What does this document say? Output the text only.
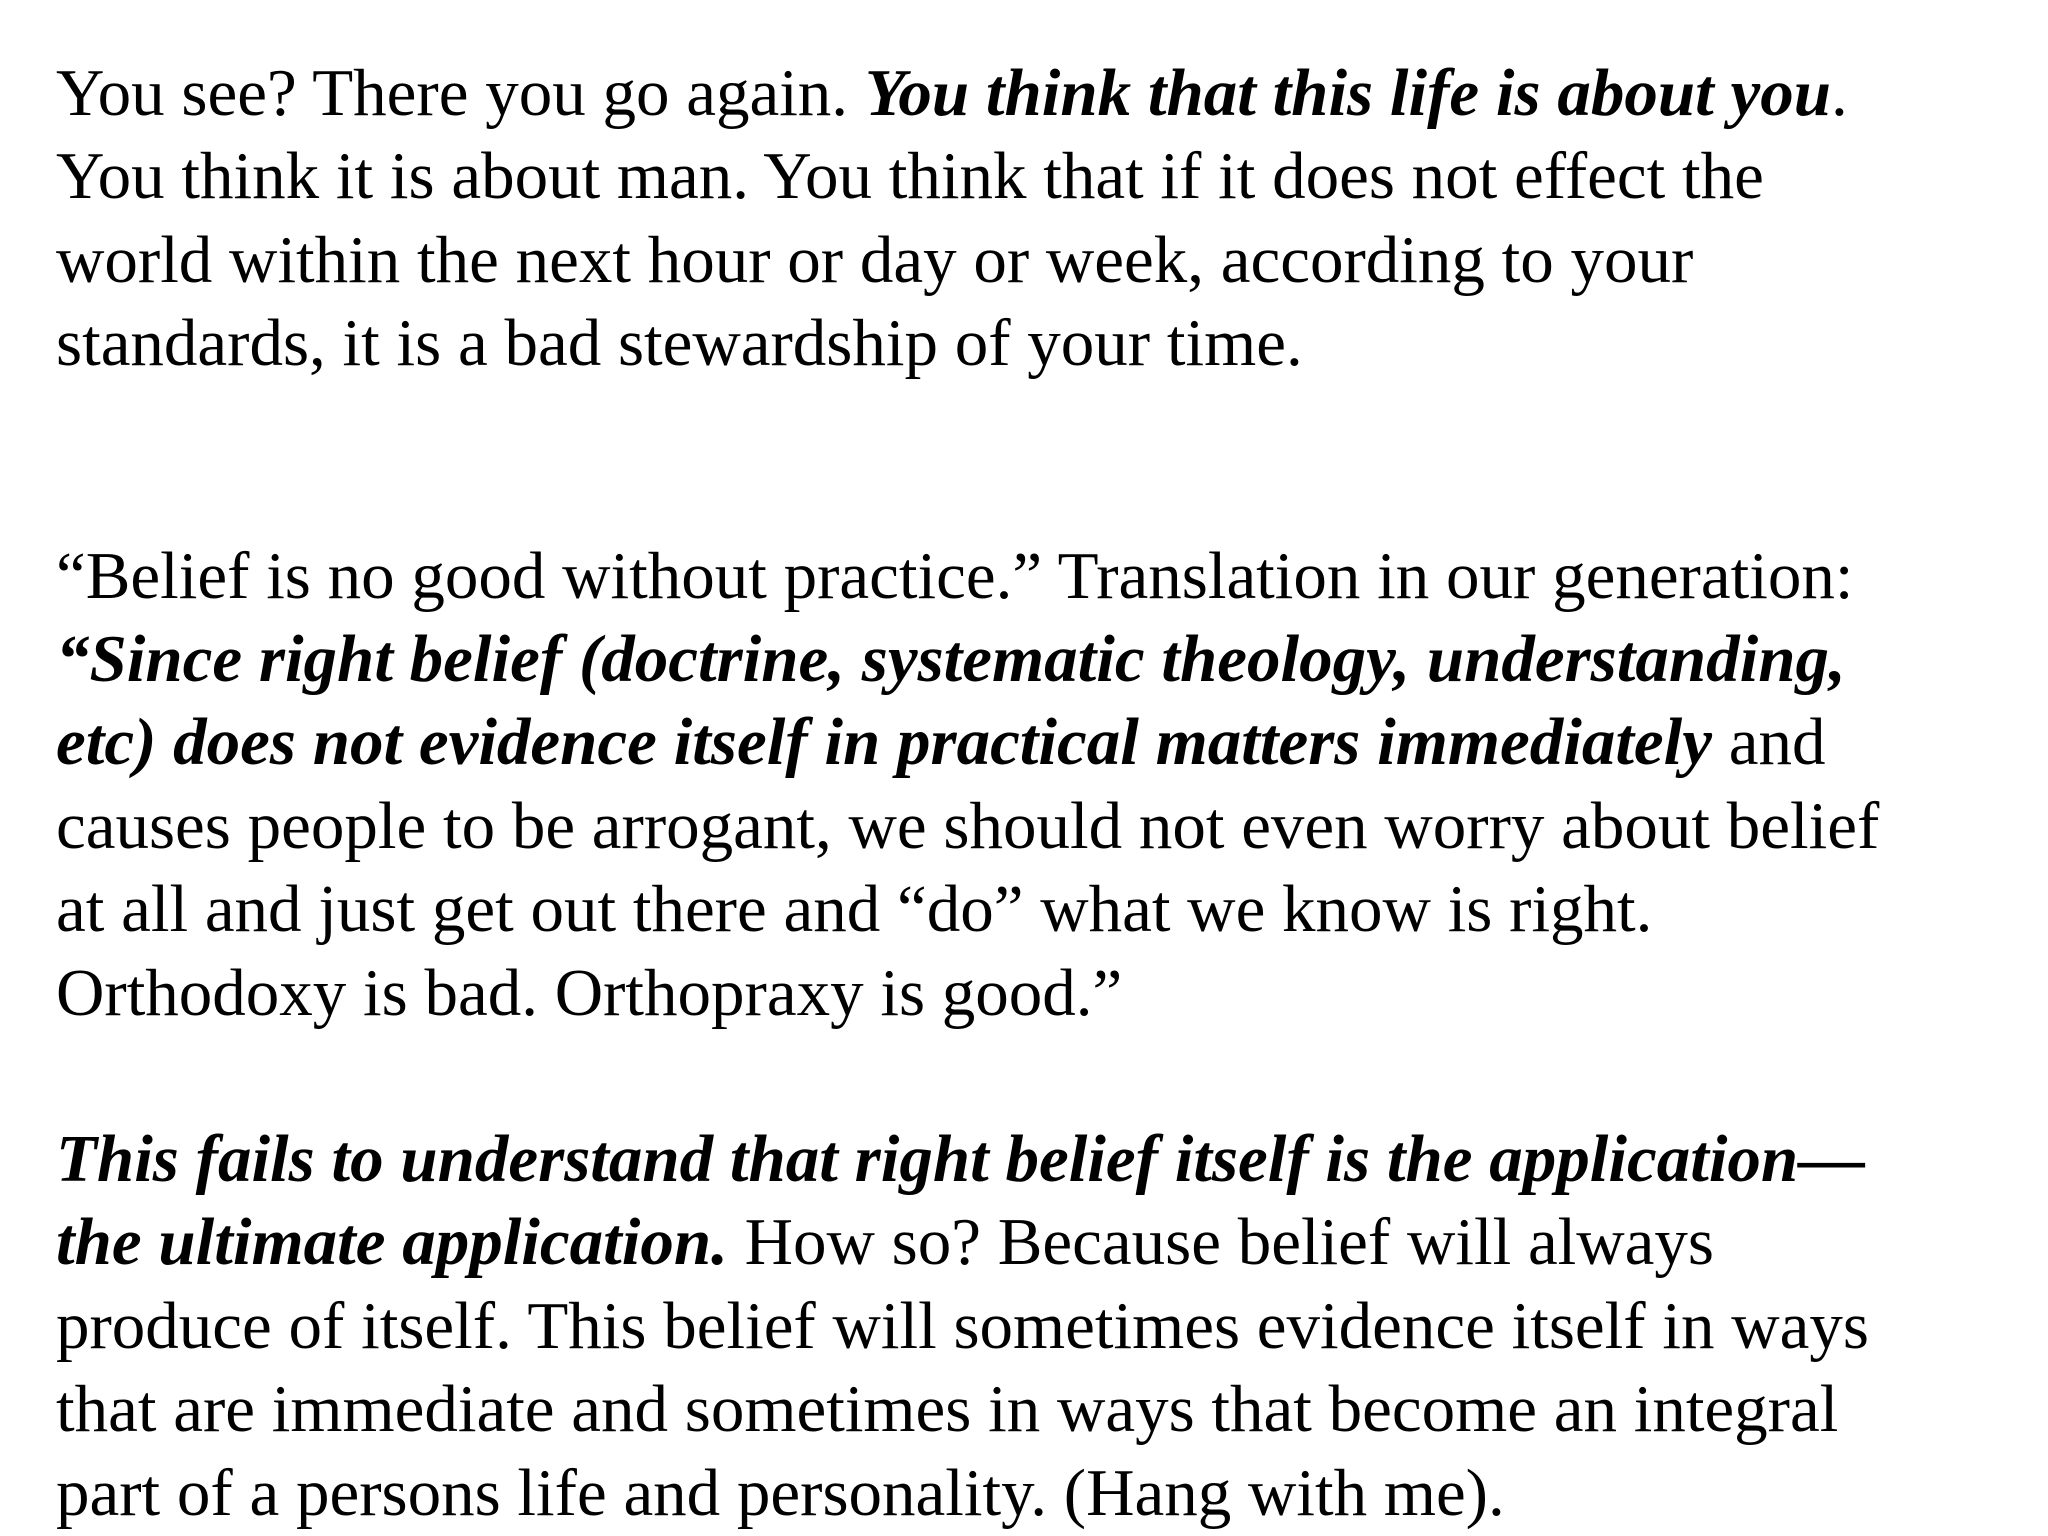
You see? There you go again. You think that this life is about you.
You think it is about man. You think that if it does not effect the
world within the next hour or day or week, according to your
standards, it is a bad stewardship of your time.

“Belief is no good without practice.” Translation in our generation:
“Since right belief (doctrine, systematic theology, understanding,
etc) does not evidence itself in practical matters immediately and
causes people to be arrogant, we should not even worry about belief
at all and just get out there and “do” what we know is right.
Orthodoxy is bad. Orthopraxy is good.”

This fails to understand that right belief itself is the application—
the ultimate application. How so? Because belief will always
produce of itself. This belief will sometimes evidence itself in ways
that are immediate and sometimes in ways that become an integral
part of a persons life and personality. (Hang with me).
